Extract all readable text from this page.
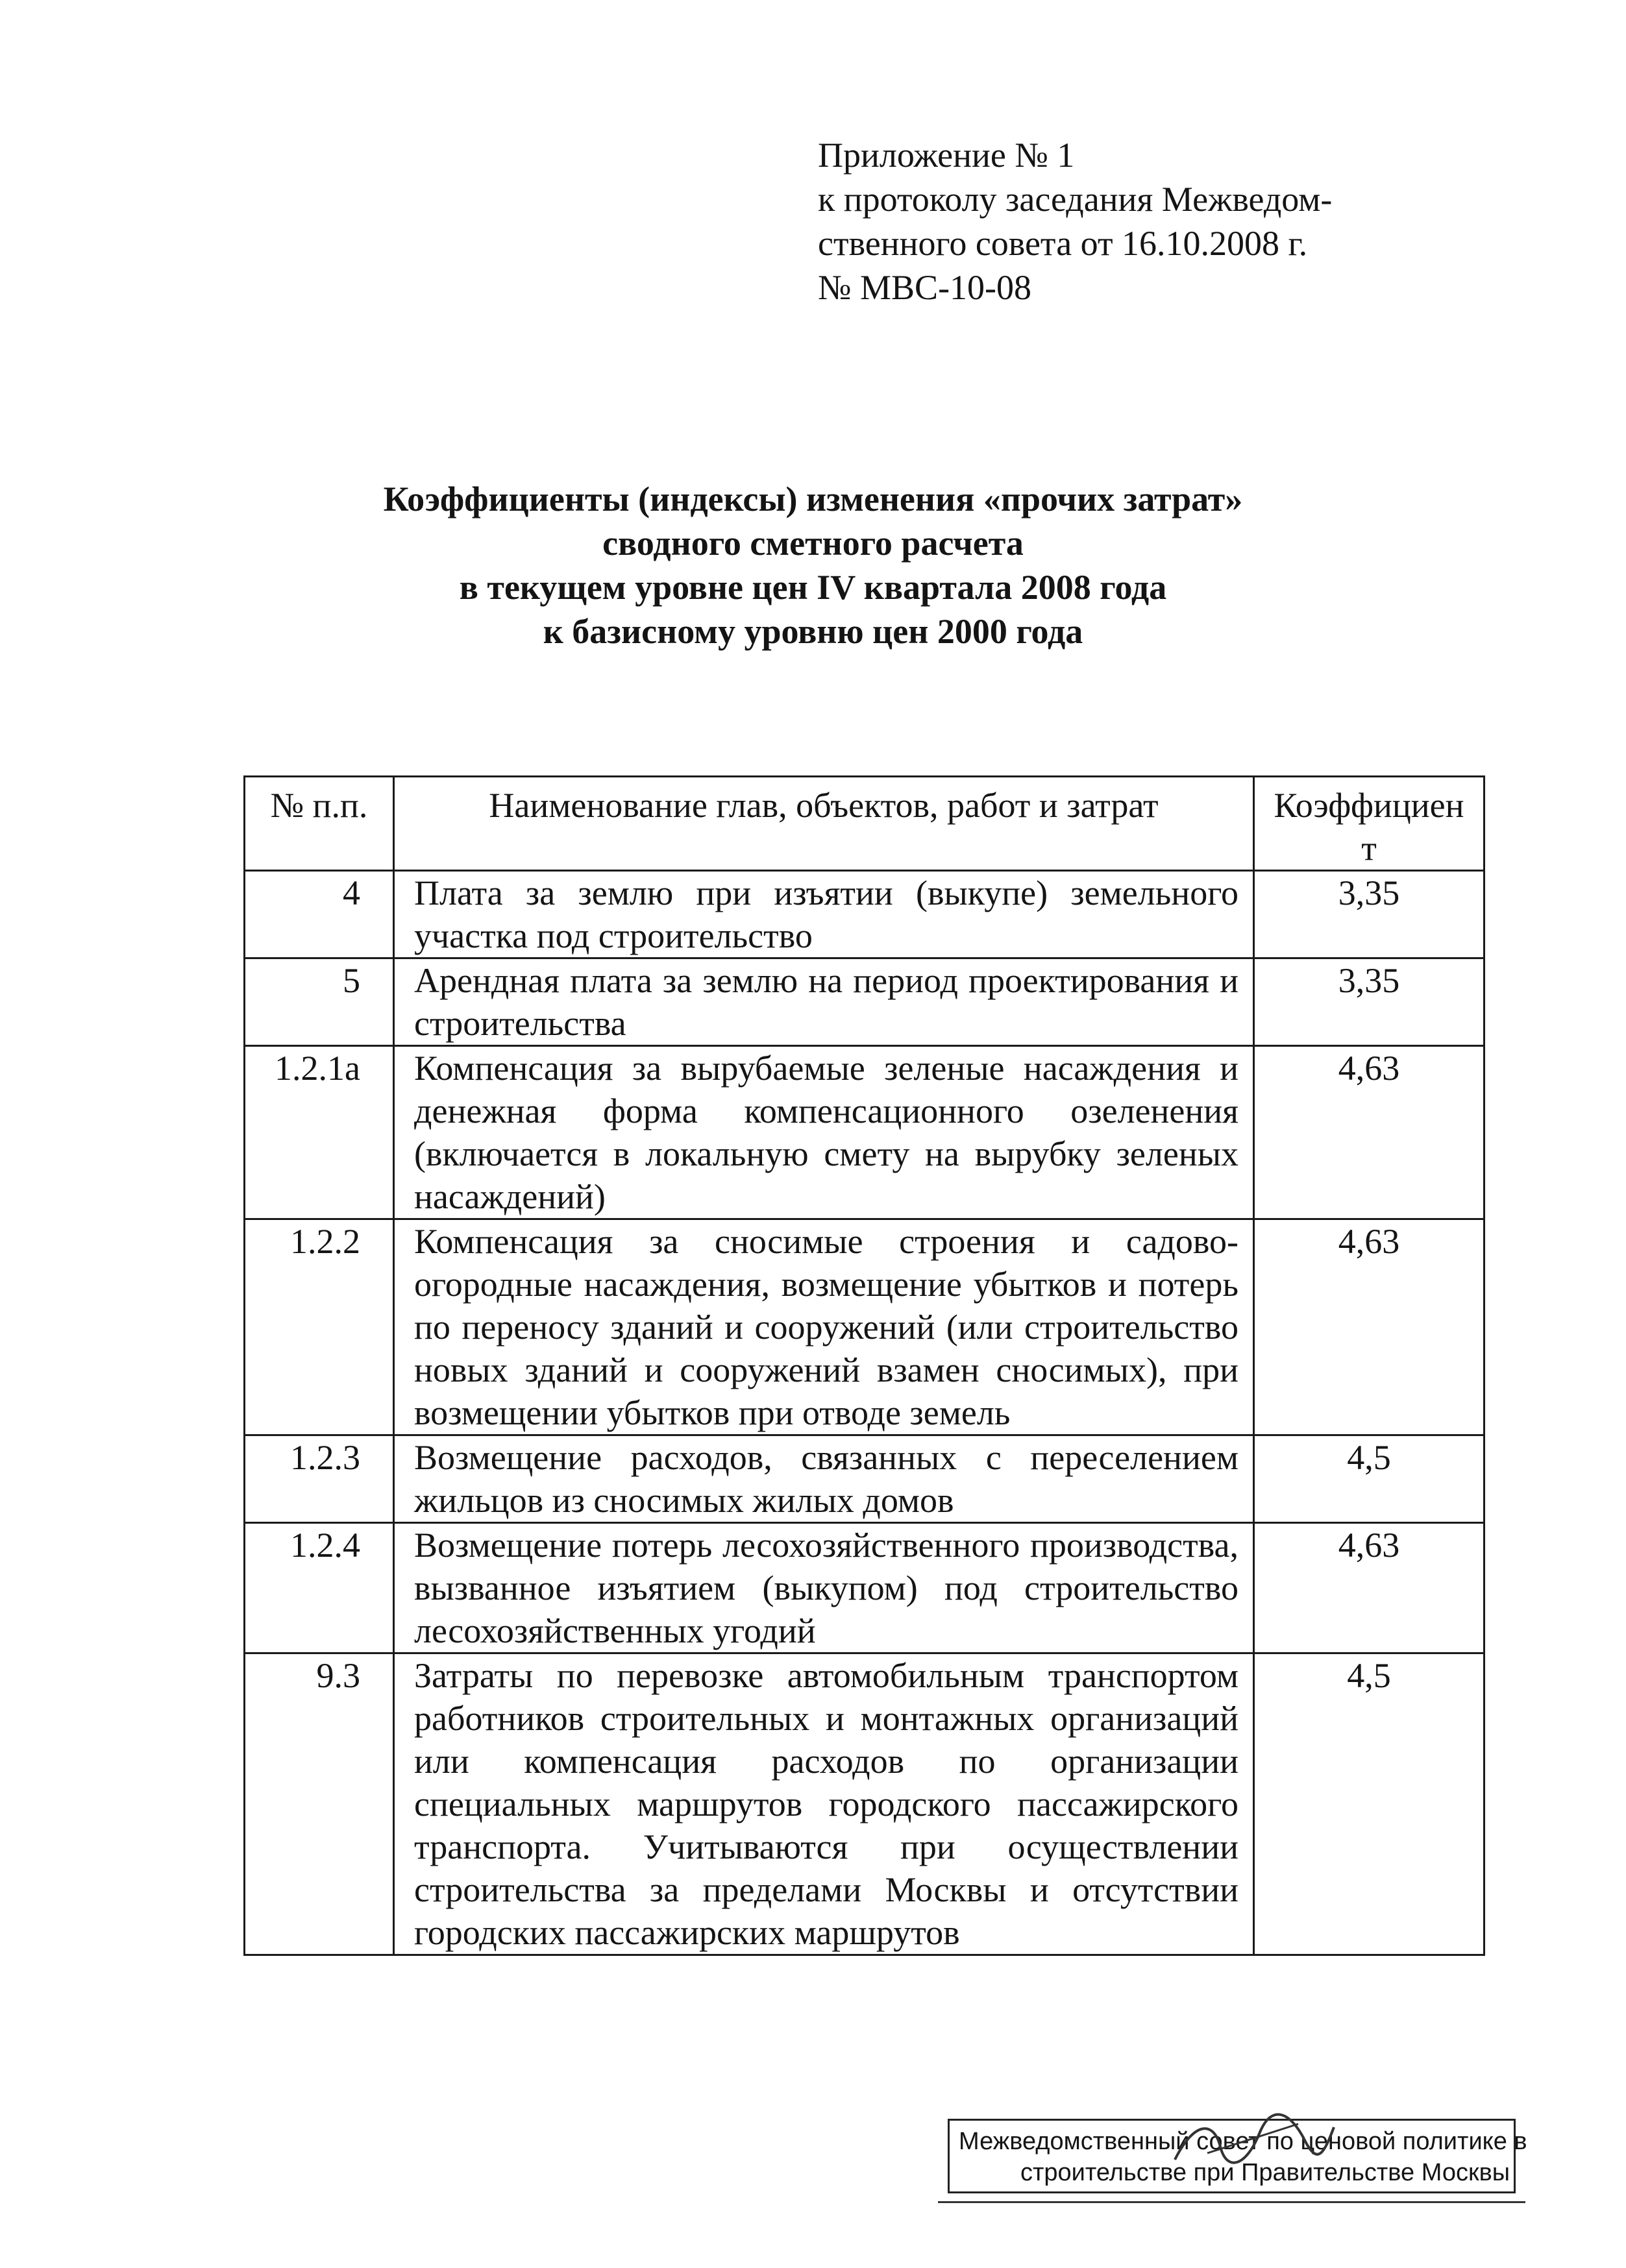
Приложение № 1
к протоколу заседания Межведом-
ственного совета от 16.10.2008 г.
№ МВС-10-08
Коэффициенты (индексы) изменения «прочих затрат»
сводного сметного расчета
в текущем уровне цен IV квартала 2008 года
к базисному уровню цен 2000 года
№ п.п.	Наименование глав, объектов, работ и затрат	Коэффициен
т

4	Плата за землю при изъятии (выкупе) земельного участка под строительство	3,35
5	Арендная плата за землю на период проектирования и строительства	3,35
1.2.1а	Компенсация за вырубаемые зеленые насаждения и денежная форма компенсационного озеленения (включается в локальную смету на вырубку зеленых насаждений)	4,63
1.2.2	Компенсация за сносимые строения и садово-огородные насаждения, возмещение убытков и потерь по переносу зданий и сооружений (или строительство новых зданий и сооружений взамен сносимых), при возмещении убытков при отводе земель	4,63
1.2.3	Возмещение расходов, связанных с переселением жильцов из сносимых жилых домов	4,5
1.2.4	Возмещение потерь лесохозяйственного производства, вызванное изъятием (выкупом) под строительство лесохозяйственных угодий	4,63
9.3	Затраты по перевозке автомобильным транспортом работников строительных и монтажных организаций или компенсация расходов по организации специальных маршрутов городского пассажирского транспорта. Учитываются при осуществлении строительства за пределами Москвы и отсутствии городских пассажирских маршрутов	4,5
Межведомственный совет по ценовой политике в
строительстве при Правительстве Москвы
